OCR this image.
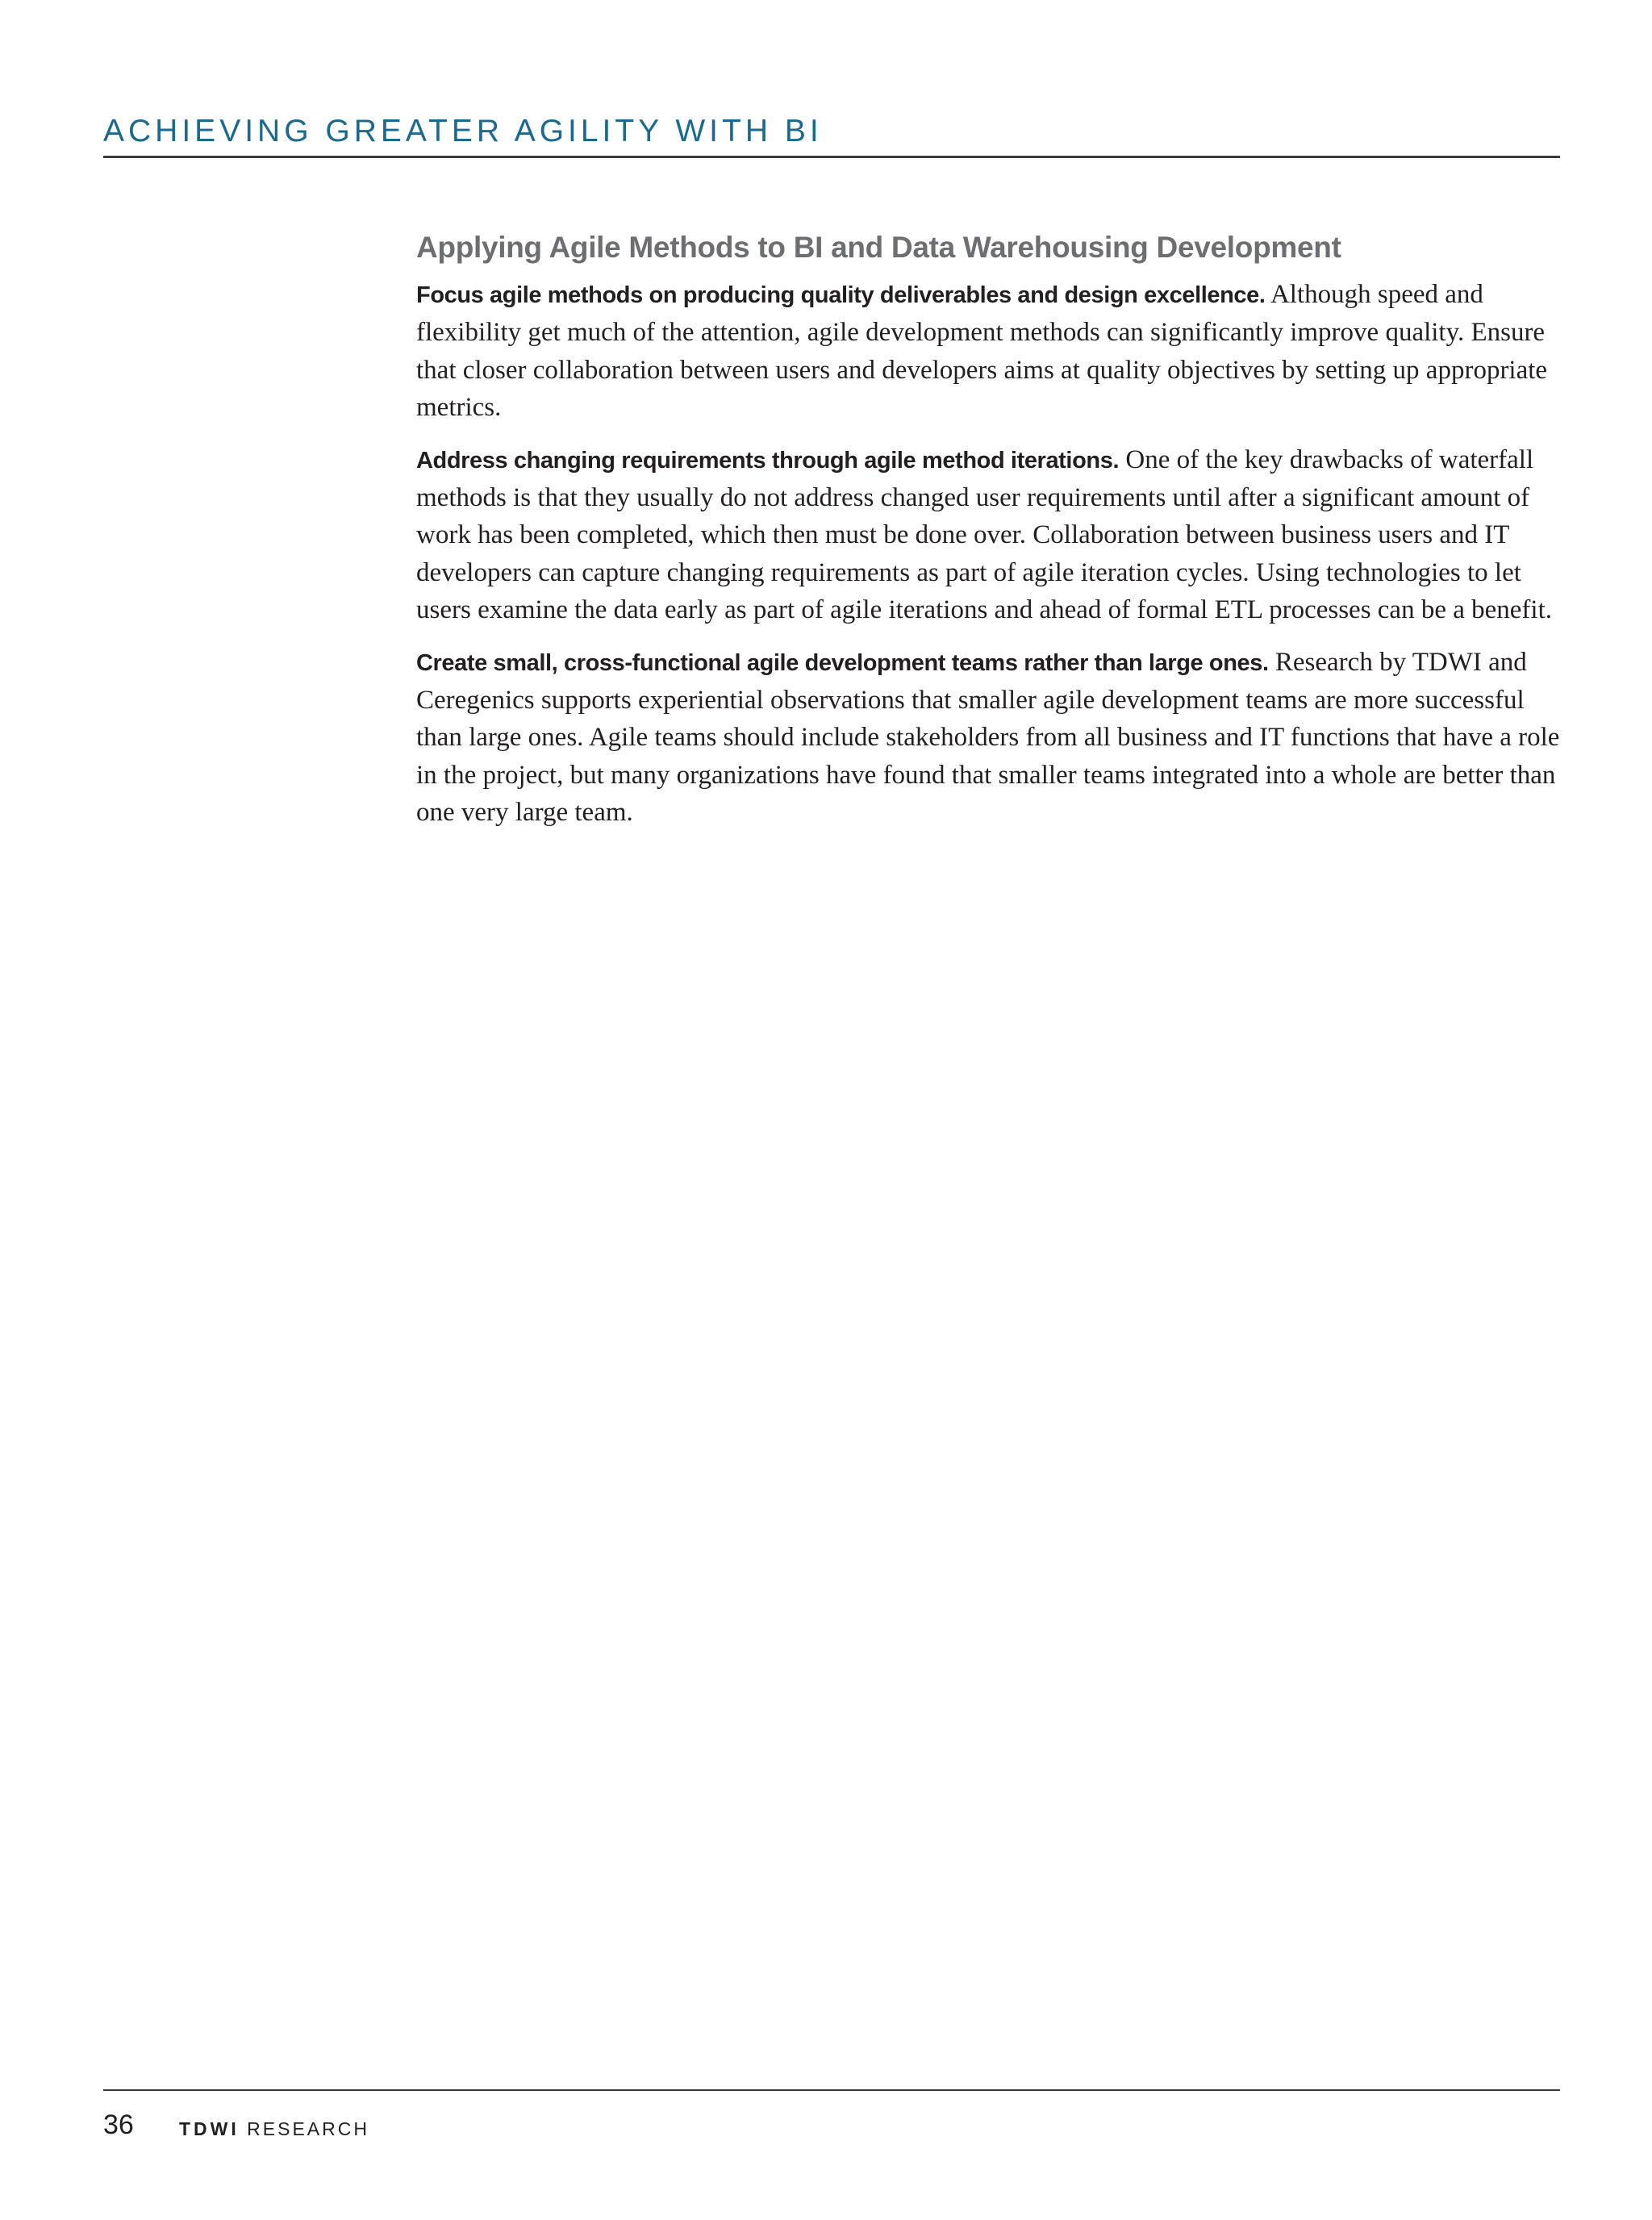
ACHIEVING GREATER AGILITY WITH BI
Applying Agile Methods to BI and Data Warehousing Development

Focus agile methods on producing quality deliverables and design excellence. Although speed and flexibility get much of the attention, agile development methods can significantly improve quality. Ensure that closer collaboration between users and developers aims at quality objectives by setting up appropriate metrics.

Address changing requirements through agile method iterations. One of the key drawbacks of waterfall methods is that they usually do not address changed user requirements until after a significant amount of work has been completed, which then must be done over. Collaboration between business users and IT developers can capture changing requirements as part of agile iteration cycles. Using technologies to let users examine the data early as part of agile iterations and ahead of formal ETL processes can be a benefit.

Create small, cross-functional agile development teams rather than large ones. Research by TDWI and Ceregenics supports experiential observations that smaller agile development teams are more successful than large ones. Agile teams should include stakeholders from all business and IT functions that have a role in the project, but many organizations have found that smaller teams integrated into a whole are better than one very large team.

36 TDWI RESEARCH
